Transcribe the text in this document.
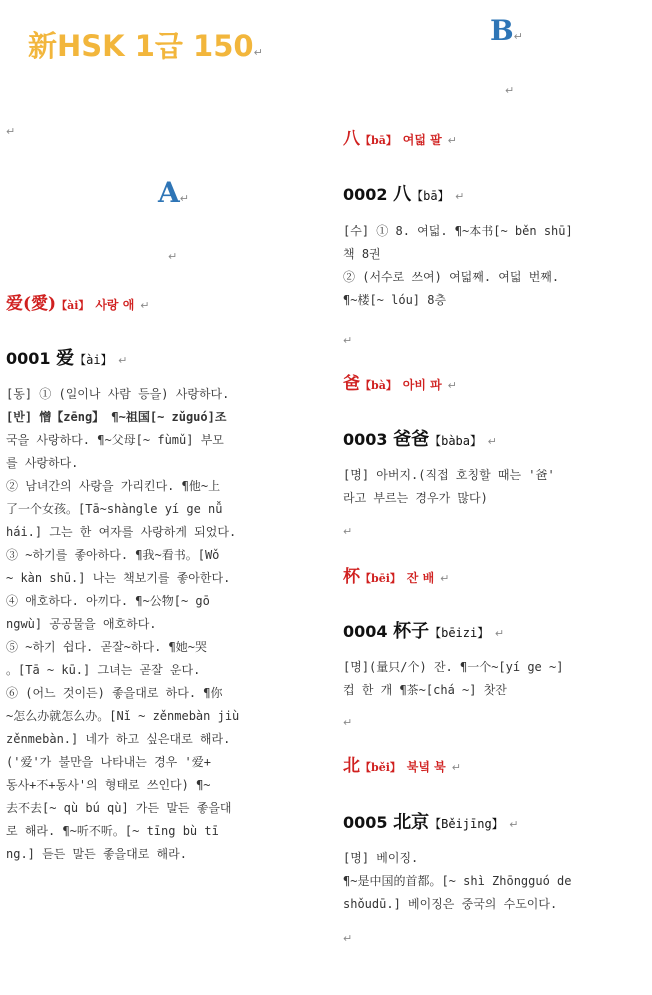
新HSK 1급 150↵
B↵
↵
↵
A↵
↵
爱(愛)【ài】 사랑 애 ↵
0001 爱【ài】 ↵
[동] ① (일이나 사람 등을) 사랑하다.
[반] 憎【zēng】 ¶~祖国[~ zǔguó]조
국을 사랑하다. ¶~父母[~ fùmǔ] 부모
를 사랑하다.
② 남녀간의 사랑을 가리킨다. ¶他~上
了一个女孩。[Tā~shàngle yí ge nǚ
hái.] 그는 한 여자를 사랑하게 되었다.
③ ~하기를 좋아하다. ¶我~看书。[Wǒ
~ kàn shū.] 나는 책보기를 좋아한다.
④ 애호하다. 아끼다. ¶~公物[~ gō
ngwù] 공공물을 애호하다.
⑤ ~하기 쉽다. 곧잘~하다. ¶她~哭
。[Tā ~ kū.] 그녀는 곧잘 운다.
⑥ (어느 것이든) 좋을대로 하다. ¶你
~怎么办就怎么办。[Nǐ ~ zěnmebàn jiù
zěnmebàn.] 네가 하고 싶은대로 해라.
('爱'가 불만을 나타내는 경우 '爱+
동사+不+동사'의 형태로 쓰인다) ¶~
去不去[~ qù bú qù] 가든 말든 좋을대
로 해라. ¶~听不听。[~ tīng bù tī
ng.] 듣든 말든 좋을대로 해라.
八【bā】 여덟 팔 ↵
0002 八【bā】 ↵
[수] ① 8. 여덟. ¶~本书[~ běn shū]
책 8권
② (서수로 쓰여) 여덟째. 여덟 번째.
¶~楼[~ lóu] 8층
↵
爸【bà】 아비 파 ↵
0003 爸爸【bàba】 ↵
[명] 아버지.(직접 호칭할 때는 '爸'
라고 부르는 경우가 많다)
↵
杯【bēi】 잔 배 ↵
0004 杯子【bēizi】 ↵
[명](量只/个) 잔. ¶一个~[yí ge ~]
컵 한 개 ¶茶~[chá ~] 찻잔
↵
北【běi】 북녘 북 ↵
0005 北京【Běijīng】 ↵
[명] 베이징.
¶~是中国的首都。[~ shì Zhōngguó de
shǒudū.] 베이징은 중국의 수도이다.
↵
